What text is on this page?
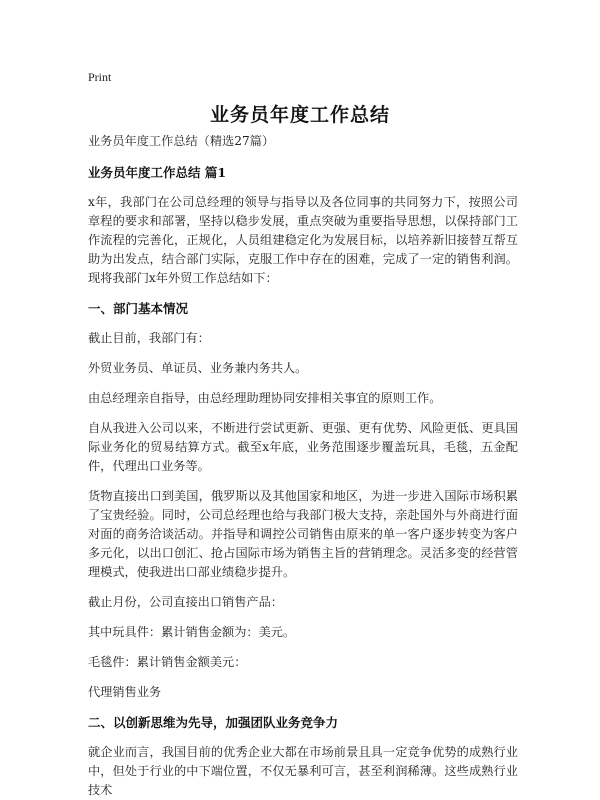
Print
业务员年度工作总结

业务员年度工作总结（精选27篇）

业务员年度工作总结 篇1

x年，我部门在公司总经理的领导与指导以及各位同事的共同努力下，按照公司章程的要求和部署，坚持以稳步发展，重点突破为重要指导思想，以保持部门工作流程的完善化，正规化，人员组建稳定化为发展目标，以培养新旧接替互帮互助为出发点，结合部门实际，克服工作中存在的困难，完成了一定的销售利润。现将我部门x年外贸工作总结如下：

一、部门基本情况

截止目前，我部门有：

外贸业务员、单证员、业务兼内务共人。

由总经理亲自指导，由总经理助理协同安排相关事宜的原则工作。

自从我进入公司以来，不断进行尝试更新、更强、更有优势、风险更低、更具国际业务化的贸易结算方式。截至x年底，业务范围逐步覆盖玩具，毛毯，五金配件，代理出口业务等。

货物直接出口到美国，俄罗斯以及其他国家和地区，为进一步进入国际市场积累了宝贵经验。同时，公司总经理也给与我部门极大支持，亲赴国外与外商进行面对面的商务洽谈活动。并指导和调控公司销售由原来的单一客户逐步转变为客户多元化，以出口创汇、抢占国际市场为销售主旨的营销理念。灵活多变的经营管理模式，使我进出口部业绩稳步提升。

截止月份，公司直接出口销售产品：

其中玩具件：累计销售金额为：美元。

毛毯件：累计销售金额美元：

代理销售业务

二、以创新思维为先导，加强团队业务竞争力

就企业而言，我国目前的优秀企业大都在市场前景且具一定竞争优势的成熟行业中，但处于行业的中下端位置，不仅无暴利可言，甚至利润稀薄。这些成熟行业技术
